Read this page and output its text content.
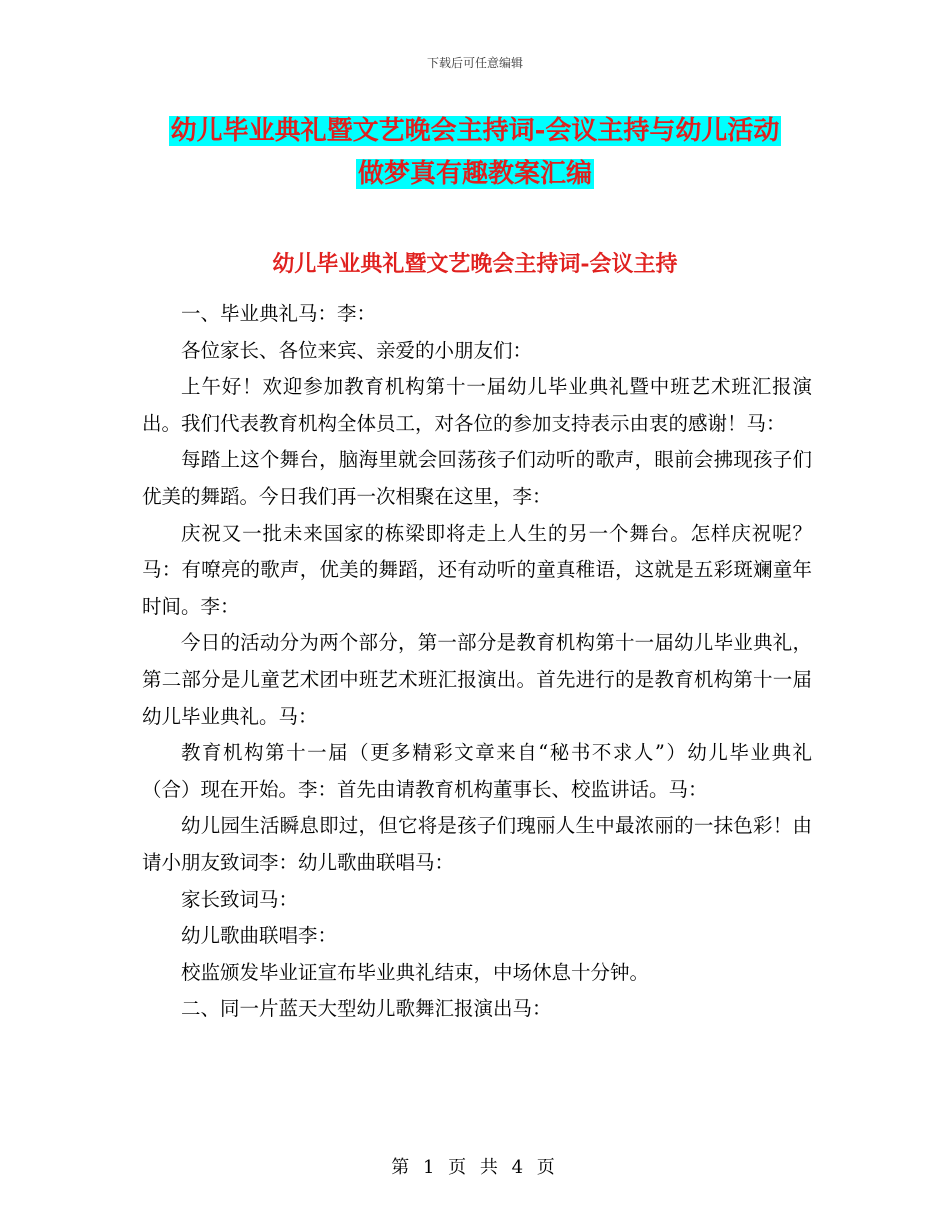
下载后可任意编辑
幼儿毕业典礼暨文艺晚会主持词-会议主持与幼儿活动
做梦真有趣教案汇编
幼儿毕业典礼暨文艺晚会主持词-会议主持

一、毕业典礼马：李：

各位家长、各位来宾、亲爱的小朋友们：

上午好！欢迎参加教育机构第十一届幼儿毕业典礼暨中班艺术班汇报演出。我们代表教育机构全体员工，对各位的参加支持表示由衷的感谢！马：

每踏上这个舞台，脑海里就会回荡孩子们动听的歌声，眼前会拂现孩子们优美的舞蹈。今日我们再一次相聚在这里，李：

庆祝又一批未来国家的栋梁即将走上人生的另一个舞台。怎样庆祝呢？马：有嘹亮的歌声，优美的舞蹈，还有动听的童真稚语，这就是五彩斑斓童年时间。李：

今日的活动分为两个部分，第一部分是教育机构第十一届幼儿毕业典礼，第二部分是儿童艺术团中班艺术班汇报演出。首先进行的是教育机构第十一届幼儿毕业典礼。马：

教育机构第十一届（更多精彩文章来自“秘书不求人”）幼儿毕业典礼（合）现在开始。李：首先由请教育机构董事长、校监讲话。马：

幼儿园生活瞬息即过，但它将是孩子们瑰丽人生中最浓丽的一抹色彩！由请小朋友致词李：幼儿歌曲联唱马：

家长致词马：

幼儿歌曲联唱李：

校监颁发毕业证宣布毕业典礼结束，中场休息十分钟。

二、同一片蓝天大型幼儿歌舞汇报演出马：

第 1 页 共 4 页
